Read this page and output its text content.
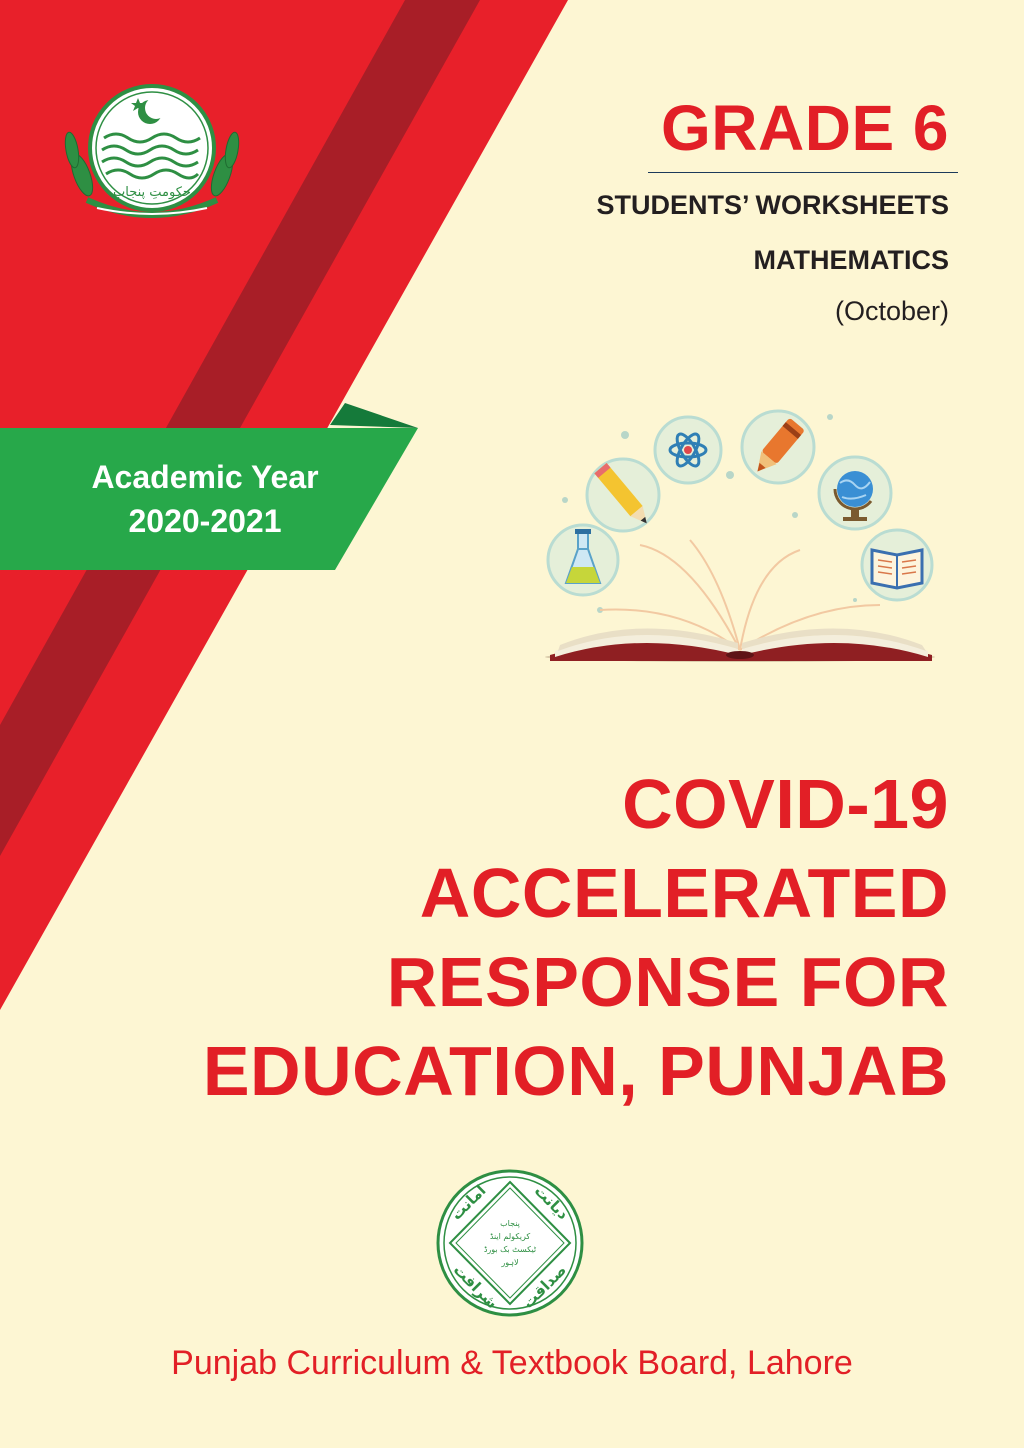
حکومتِ پنجاب
GRADE 6
STUDENTS’ WORKSHEETS
MATHEMATICS
(October)
Academic Year
2020-2021
COVID-19
ACCELERATED
RESPONSE FOR
EDUCATION, PUNJAB
پنجاب
کریکولم اینڈ
ٹیکسٹ بک بورڈ
لاہور
امانت	دیانت
صداقت
شرافت
Punjab Curriculum & Textbook Board, Lahore
